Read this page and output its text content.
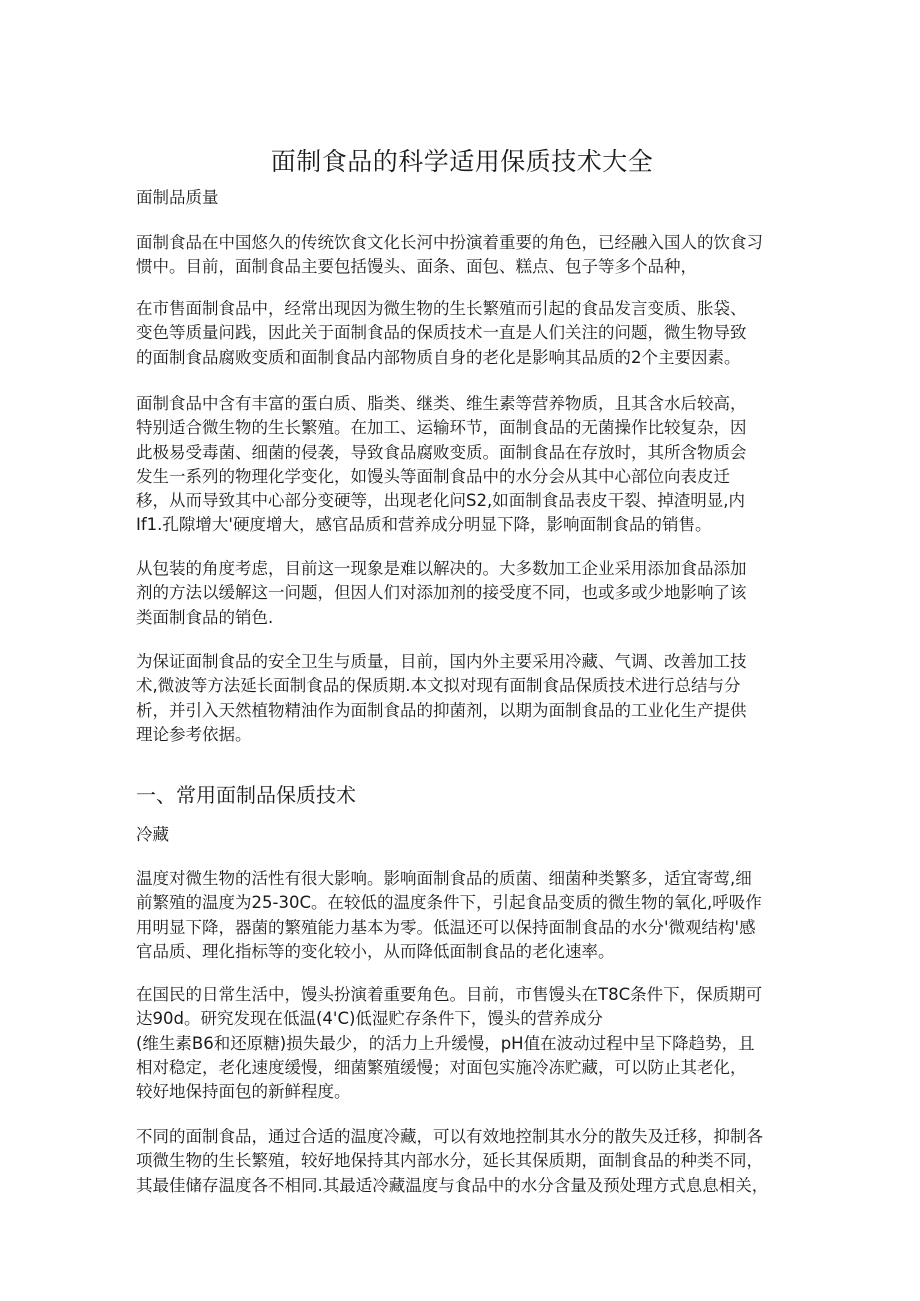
面制食品的科学适用保质技术大全
面制品质量
面制食品在中国悠久的传统饮食文化长河中扮演着重要的角色，已经融入国人的饮食习
惯中。目前，面制食品主要包括馒头、面条、面包、糕点、包子等多个品种，
在市售面制食品中，经常出现因为微生物的生长繁殖而引起的食品发言变质、胀袋、
变色等质量问践，因此关于面制食品的保质技术一直是人们关注的问题，微生物导致
的面制食品腐败变质和面制食品内部物质自身的老化是影响其品质的2个主要因素。
面制食品中含有丰富的蛋白质、脂类、继类、维生素等营养物质，且其含水后较高，
特别适合微生物的生长繁殖。在加工、运输环节，面制食品的无菌操作比较复杂，因
此极易受毒菌、细菌的侵袭，导致食品腐败变质。面制食品在存放时，其所含物质会
发生一系列的物理化学变化，如馒头等面制食品中的水分会从其中心部位向表皮迁
移，从而导致其中心部分变硬等，出现老化问S2,如面制食品表皮干裂、掉渣明显,内
If1.孔隙增大'硬度增大，感官品质和营养成分明显下降，影响面制食品的销售。
从包装的角度考虑，目前这一现象是难以解决的。大多数加工企业采用添加食品添加
剂的方法以缓解这一问题，但因人们对添加剂的接受度不同，也或多或少地影响了该
类面制食品的销色.
为保证面制食品的安全卫生与质量，目前，国内外主要采用冷藏、气调、改善加工技
术,微波等方法延长面制食品的保质期.本文拟对现有面制食品保质技术进行总结与分
析，并引入天然植物精油作为面制食品的抑菌剂，以期为面制食品的工业化生产提供
理论参考依据。
一、常用面制品保质技术
冷藏
温度对微生物的活性有很大影响。影响面制食品的质菌、细菌种类繁多，适宜寄莺,细
前繁殖的温度为25-30C。在较低的温度条件下，引起食品变质的微生物的氧化,呼吸作
用明显下降，器菌的繁殖能力基本为零。低温还可以保持面制食品的水分'微观结构'感
官品质、理化指标等的变化较小，从而降低面制食品的老化速率。
在国民的日常生活中，馒头扮演着重要角色。目前，市售馒头在T8C条件下，保质期可
达90d。研究发现在低温(4'C)低湿贮存条件下，馒头的营养成分
(维生素B6和还原糖)损失最少，的活力上升缓慢，pH值在波动过程中呈下降趋势，且
相对稳定，老化速度缓慢，细菌繁殖缓慢；对面包实施冷冻贮藏，可以防止其老化，
较好地保持面包的新鲜程度。
不同的面制食品，通过合适的温度冷藏，可以有效地控制其水分的散失及迁移，抑制各
项微生物的生长繁殖，较好地保持其内部水分，延长其保质期，面制食品的种类不同，
其最佳储存温度各不相同.其最适冷藏温度与食品中的水分含量及预处理方式息息相关，
